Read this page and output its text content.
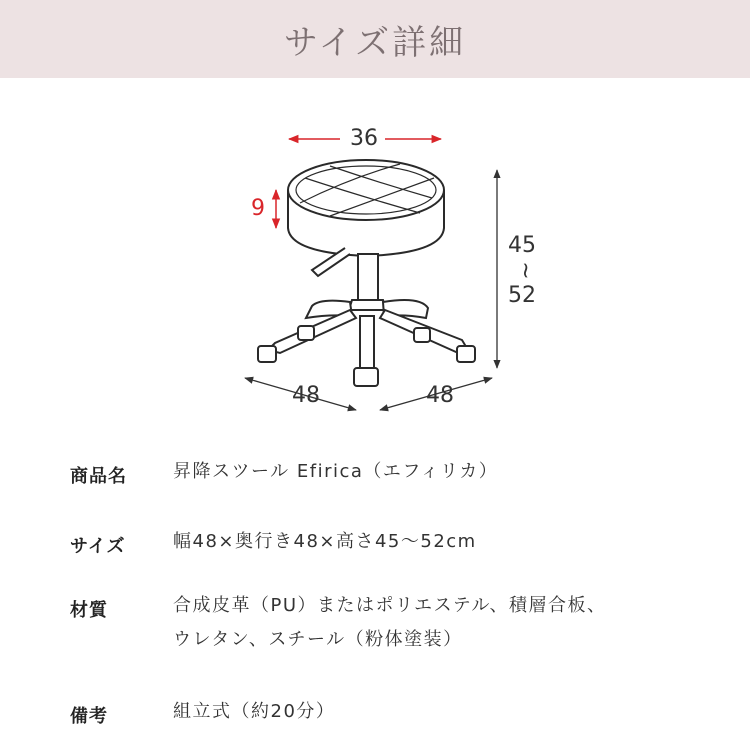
サイズ詳細
36
9
45
~
52
48	48
商品名	昇降スツール Efirica（エフィリカ）
サイズ	幅48×奥行き48×高さ45〜52cm
材質	合成皮革（PU）またはポリエステル、積層合板、
ウレタン、スチール（粉体塗装）
備考	組立式（約20分）
